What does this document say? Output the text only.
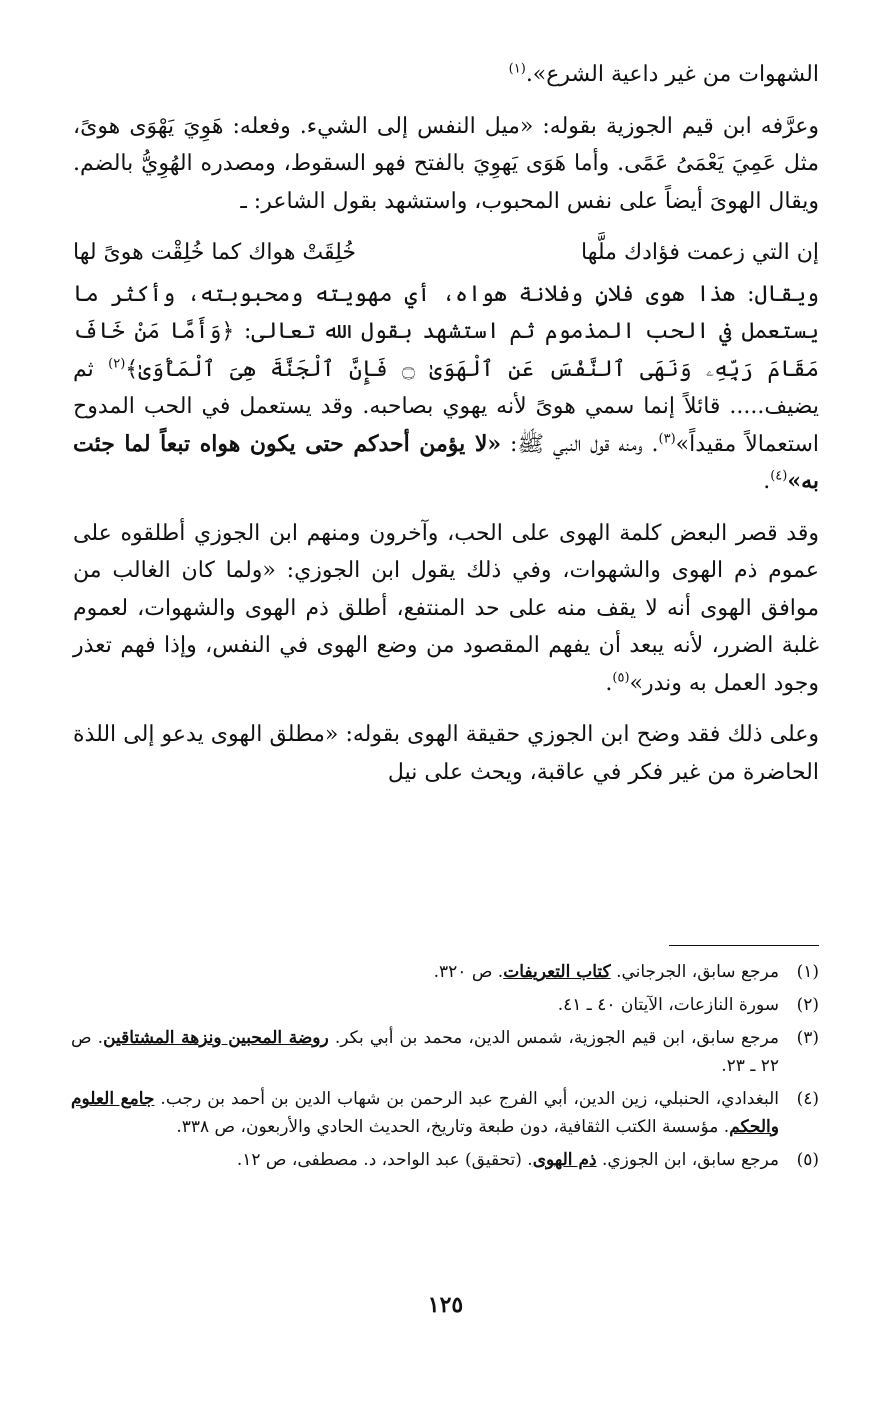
الشهوات من غير داعية الشرع».$^{(١)}$

وعرَّفه ابن قيم الجوزية بقوله: «ميل النفس إلى الشيء. وفعله: هَوِيَ يَهْوَى هوىً، مثل عَمِيَ يَعْمَىُ عَمًى. وأما هَوَى يَهوِيَ بالفتح فهو السقوط، ومصدره الهُوِيُّ بالضم. ويقال الهوىَ أيضاً على نفس المحبوب، واستشهد بقول الشاعر: ـ

إن التي زعمت فؤادك ملَّها
خُلِقَتْ هواك كما خُلِقْت هوىً لها

ويقال: هذا هوى فلانٍ وفلانة هواه، أي مهويته ومحبوبته، وأكثر ما يستعمل في الحب المذموم ثم استشهد بقول الله تعالى: ﴿وَأَمَّا مَنْ خَافَ مَقَامَ رَبِّهِۦ وَنَهَى ٱلنَّفْسَ عَنِ ٱلْهَوَىٰ ۝ فَإِنَّ ٱلْجَنَّةَ هِىَ ٱلْمَأْوَىٰ﴾$^{(٢)}$ ثم يضيف..... قائلاً إنما سمي هوىً لأنه يهوي بصاحبه. وقد يستعمل في الحب المدوح استعمالاً مقيداً»$^{(٣)}$. ومنه قول النبي ﷺ: «لا يؤمن أحدكم حتى يكون هواه تبعاً لما جئت به»$^{(٤)}$.

وقد قصر البعض كلمة الهوى على الحب، وآخرون ومنهم ابن الجوزي أطلقوه على عموم ذم الهوى والشهوات، وفي ذلك يقول ابن الجوزي: «ولما كان الغالب من موافق الهوى أنه لا يقف منه على حد المنتفع، أطلق ذم الهوى والشهوات، لعموم غلبة الضرر، لأنه يبعد أن يفهم المقصود من وضع الهوى في النفس، وإذا فهم تعذر وجود العمل به وندر»$^{(٥)}$.

وعلى ذلك فقد وضح ابن الجوزي حقيقة الهوى بقوله: «مطلق الهوى يدعو إلى اللذة الحاضرة من غير فكر في عاقبة، ويحث على نيل

(١)
مرجع سابق، الجرجاني. كتاب التعريفات. ص ٣٢٠.
(٢)
سورة النازعات، الآيتان ٤٠ ـ ٤١.
(٣)
مرجع سابق، ابن قيم الجوزية، شمس الدين، محمد بن أبي بكر. روضة المحبين ونزهة المشتاقين. ص ٢٢ ـ ٢٣.
(٤)
البغدادي، الحنبلي، زين الدين، أبي الفرج عبد الرحمن بن شهاب الدين بن أحمد بن رجب. جامع العلوم والحكم. مؤسسة الكتب الثقافية، دون طبعة وتاريخ، الحديث الحادي والأربعون، ص ٣٣٨.
(٥)
مرجع سابق، ابن الجوزي. ذم الهوى. (تحقيق) عبد الواحد، د. مصطفى، ص ١٢.
١٢٥
